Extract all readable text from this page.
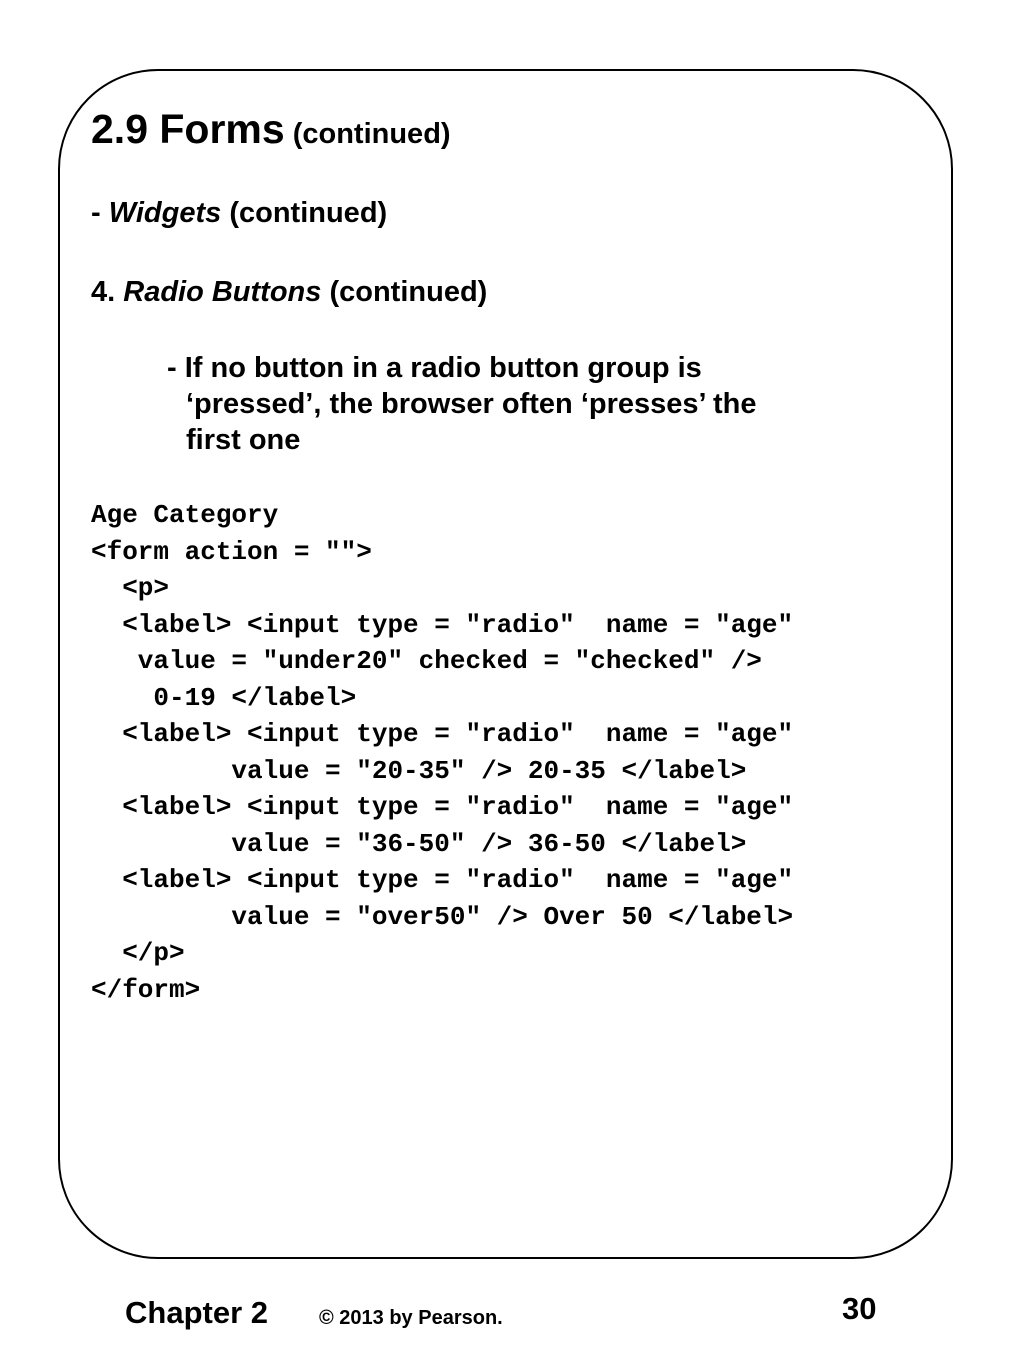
2.9 Forms (continued)
- Widgets (continued)
4. Radio Buttons (continued)
- If no button in a radio button group is
‘pressed’, the browser often ‘presses’ the
first one
Age Category
<form action = "">
<p>
<label> <input type = "radio"  name = "age"
value = "under20" checked = "checked" />
0-19 </label>
<label> <input type = "radio"  name = "age"
value = "20-35" /> 20-35 </label>
<label> <input type = "radio"  name = "age"
value = "36-50" /> 36-50 </label>
<label> <input type = "radio"  name = "age"
value = "over50" /> Over 50 </label>
</p>
</form>
Chapter 2	© 2013 by Pearson.	30
